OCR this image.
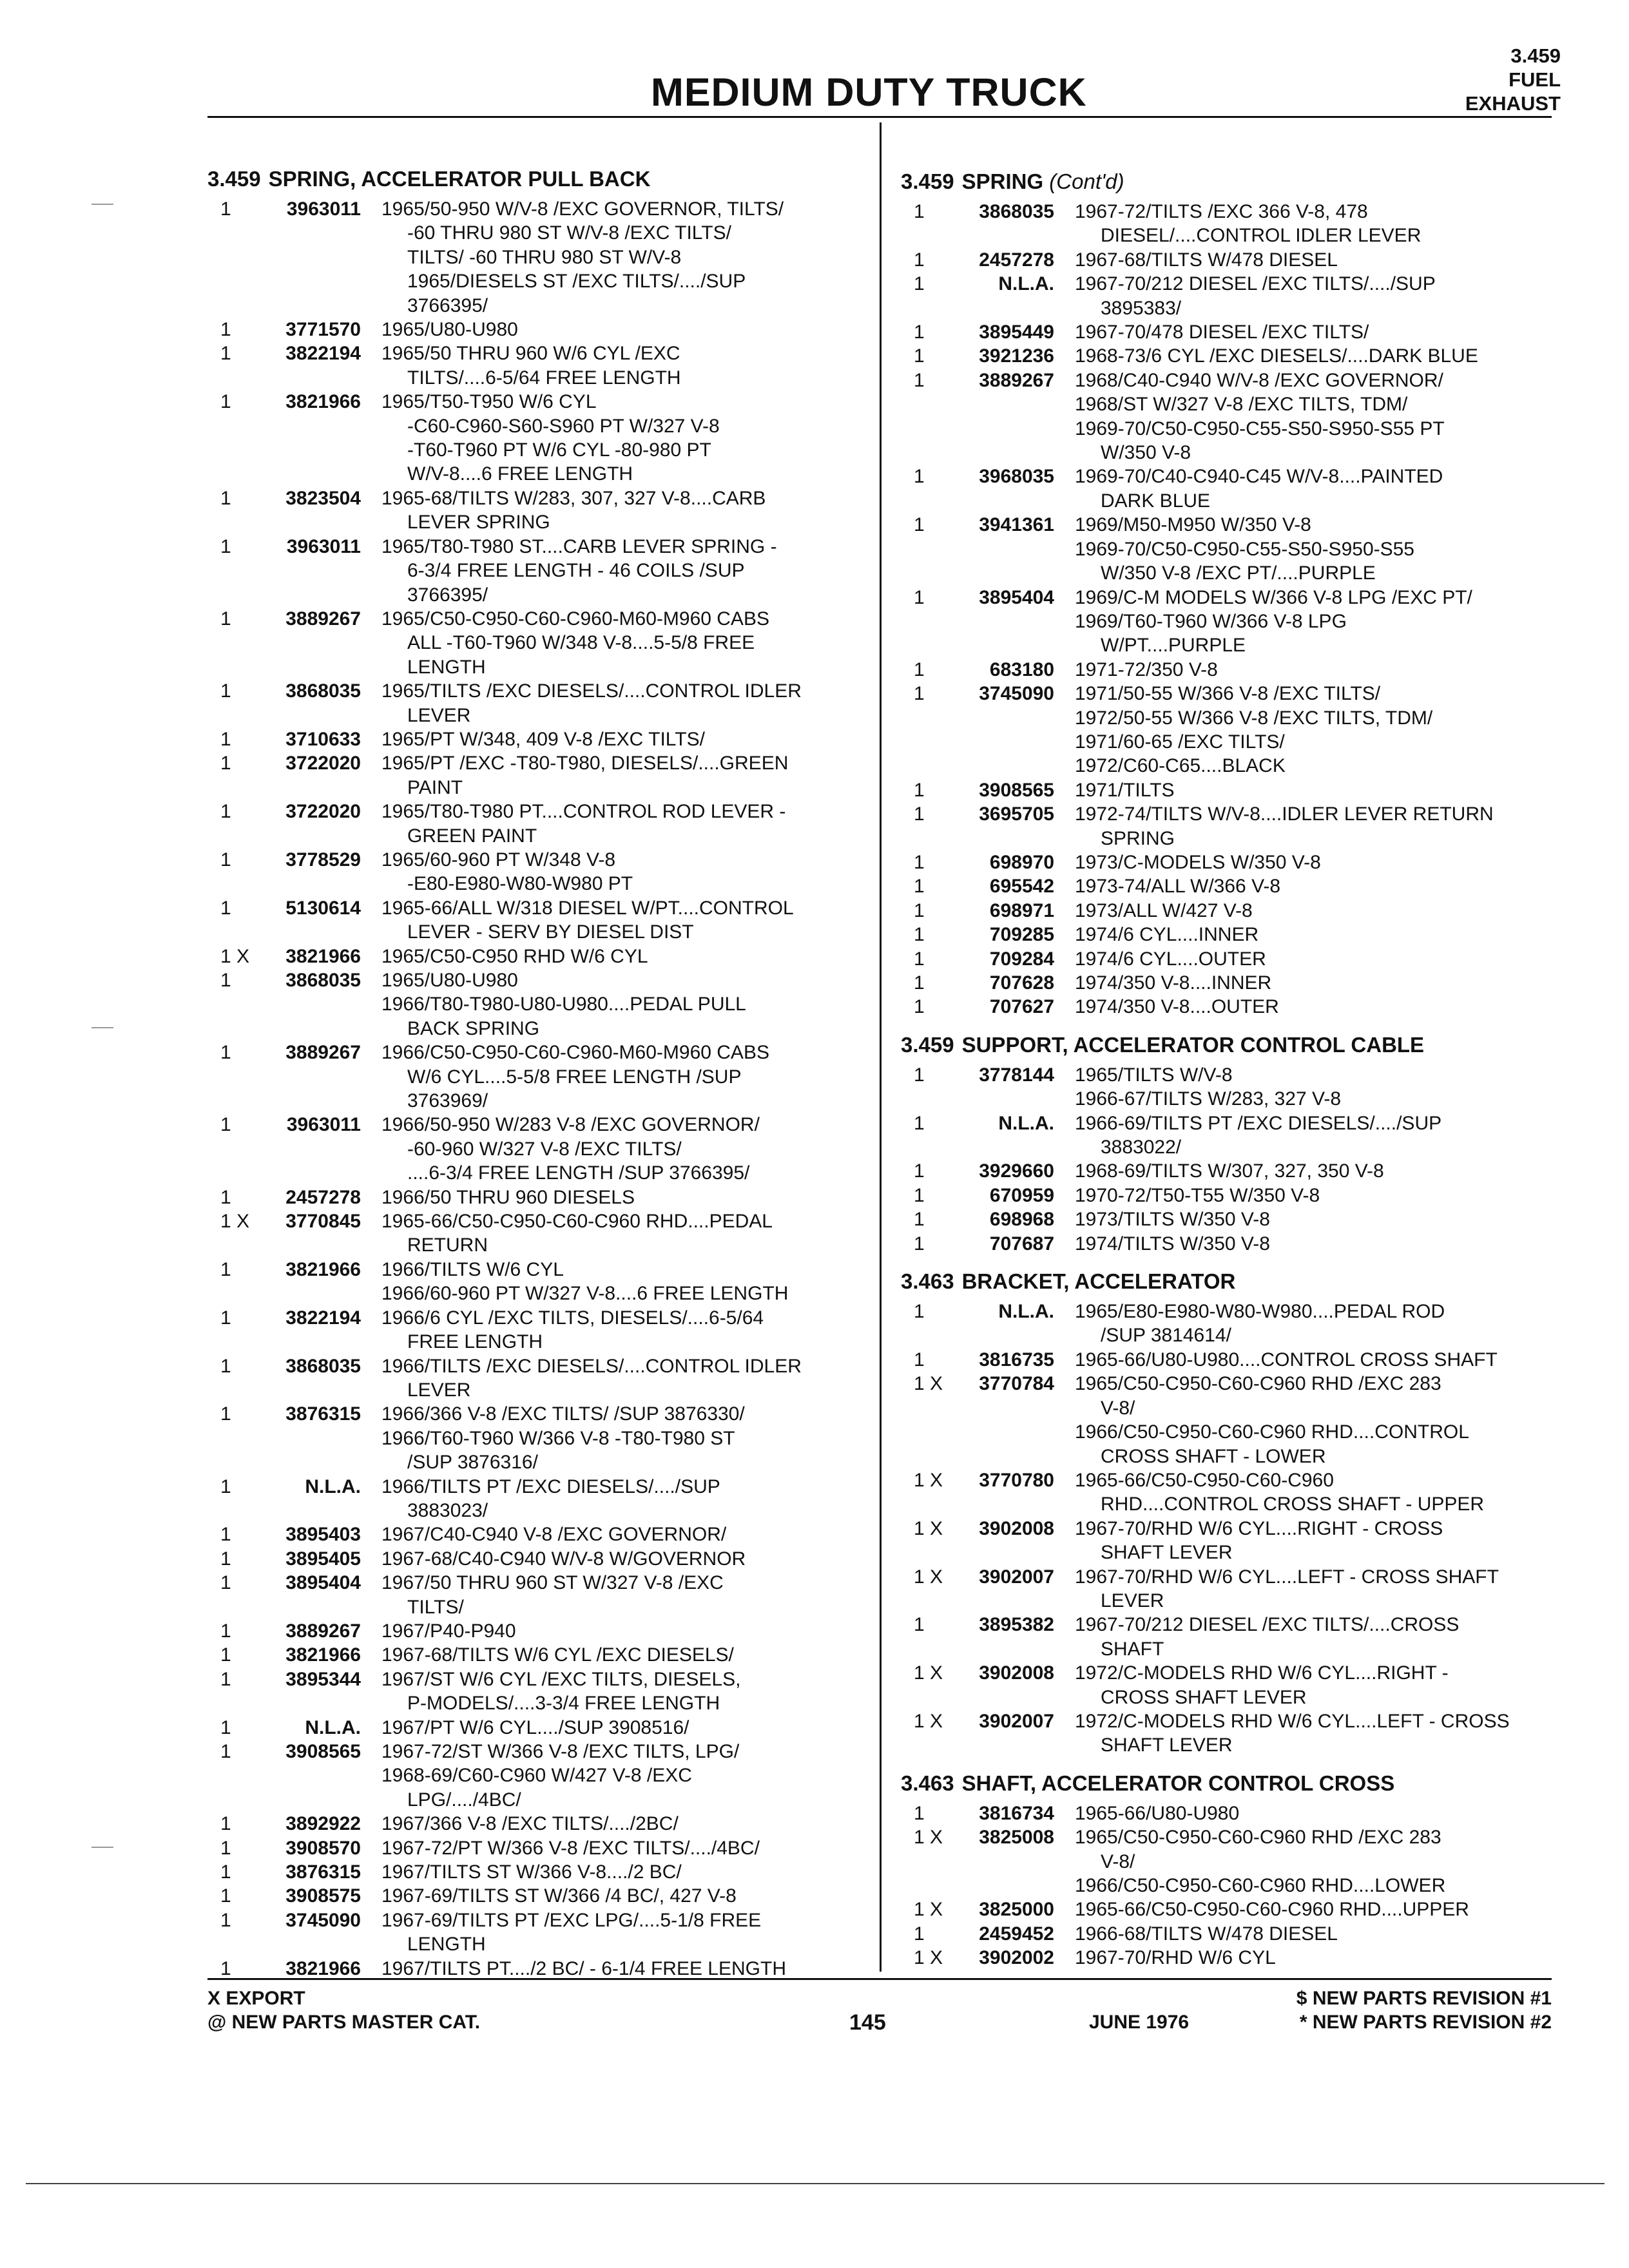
MEDIUM DUTY TRUCK
3.459
FUEL
EXHAUST
3.459 SPRING, ACCELERATOR PULL BACK
1	3963011 1965/50-950 W/V-8 /EXC GOVERNOR, TILTS/
-60 THRU 980 ST W/V-8 /EXC TILTS/
TILTS/ -60 THRU 980 ST W/V-8
1965/DIESELS ST /EXC TILTS/..../SUP
3766395/
1	3771570 1965/U80-U980
1	3822194 1965/50 THRU 960 W/6 CYL /EXC
TILTS/....6-5/64 FREE LENGTH
1	3821966 1965/T50-T950 W/6 CYL
-C60-C960-S60-S960 PT W/327 V-8
-T60-T960 PT W/6 CYL -80-980 PT
W/V-8....6 FREE LENGTH
1	3823504 1965-68/TILTS W/283, 307, 327 V-8....CARB
LEVER SPRING
1	3963011 1965/T80-T980 ST....CARB LEVER SPRING -
6-3/4 FREE LENGTH - 46 COILS /SUP
3766395/
1	3889267 1965/C50-C950-C60-C960-M60-M960 CABS
ALL -T60-T960 W/348 V-8....5-5/8 FREE
LENGTH
1	3868035 1965/TILTS /EXC DIESELS/....CONTROL IDLER
LEVER
1	3710633 1965/PT W/348, 409 V-8 /EXC TILTS/
1	3722020 1965/PT /EXC -T80-T980, DIESELS/....GREEN
PAINT
1	3722020 1965/T80-T980 PT....CONTROL ROD LEVER -
GREEN PAINT
1	3778529 1965/60-960 PT W/348 V-8
-E80-E980-W80-W980 PT
1	5130614 1965-66/ALL W/318 DIESEL W/PT....CONTROL
LEVER - SERV BY DIESEL DIST
1 X	3821966 1965/C50-C950 RHD W/6 CYL
1	3868035 1965/U80-U980
1966/T80-T980-U80-U980....PEDAL PULL
BACK SPRING
1	3889267 1966/C50-C950-C60-C960-M60-M960 CABS
W/6 CYL....5-5/8 FREE LENGTH /SUP
3763969/
1	3963011 1966/50-950 W/283 V-8 /EXC GOVERNOR/
-60-960 W/327 V-8 /EXC TILTS/
....6-3/4 FREE LENGTH /SUP 3766395/
1	2457278 1966/50 THRU 960 DIESELS
1 X	3770845 1965-66/C50-C950-C60-C960 RHD....PEDAL
RETURN
1	3821966 1966/TILTS W/6 CYL
1966/60-960 PT W/327 V-8....6 FREE LENGTH
1	3822194 1966/6 CYL /EXC TILTS, DIESELS/....6-5/64
FREE LENGTH
1	3868035 1966/TILTS /EXC DIESELS/....CONTROL IDLER
LEVER
1	3876315 1966/366 V-8 /EXC TILTS/ /SUP 3876330/
1966/T60-T960 W/366 V-8 -T80-T980 ST
/SUP 3876316/
1	N.L.A. 1966/TILTS PT /EXC DIESELS/..../SUP
3883023/
1	3895403 1967/C40-C940 V-8 /EXC GOVERNOR/
1	3895405 1967-68/C40-C940 W/V-8 W/GOVERNOR
1	3895404 1967/50 THRU 960 ST W/327 V-8 /EXC
TILTS/
1	3889267 1967/P40-P940
1	3821966 1967-68/TILTS W/6 CYL /EXC DIESELS/
1	3895344 1967/ST W/6 CYL /EXC TILTS, DIESELS,
P-MODELS/....3-3/4 FREE LENGTH
1	N.L.A. 1967/PT W/6 CYL..../SUP 3908516/
1	3908565 1967-72/ST W/366 V-8 /EXC TILTS, LPG/
1968-69/C60-C960 W/427 V-8 /EXC
LPG/..../4BC/
1	3892922 1967/366 V-8 /EXC TILTS/..../2BC/
1	3908570 1967-72/PT W/366 V-8 /EXC TILTS/..../4BC/
1	3876315 1967/TILTS ST W/366 V-8..../2 BC/
1	3908575 1967-69/TILTS ST W/366 /4 BC/, 427 V-8
1	3745090 1967-69/TILTS PT /EXC LPG/....5-1/8 FREE
LENGTH
1	3821966 1967/TILTS PT..../2 BC/ - 6-1/4 FREE LENGTH
3.459 SPRING (Cont'd)
1	3868035 1967-72/TILTS /EXC 366 V-8, 478
DIESEL/....CONTROL IDLER LEVER
1	2457278 1967-68/TILTS W/478 DIESEL
1	N.L.A. 1967-70/212 DIESEL /EXC TILTS/..../SUP
3895383/
1	3895449 1967-70/478 DIESEL /EXC TILTS/
1	3921236 1968-73/6 CYL /EXC DIESELS/....DARK BLUE
1	3889267 1968/C40-C940 W/V-8 /EXC GOVERNOR/
1968/ST W/327 V-8 /EXC TILTS, TDM/
1969-70/C50-C950-C55-S50-S950-S55 PT
W/350 V-8
1	3968035 1969-70/C40-C940-C45 W/V-8....PAINTED
DARK BLUE
1	3941361 1969/M50-M950 W/350 V-8
1969-70/C50-C950-C55-S50-S950-S55
W/350 V-8 /EXC PT/....PURPLE
1	3895404 1969/C-M MODELS W/366 V-8 LPG /EXC PT/
1969/T60-T960 W/366 V-8 LPG
W/PT....PURPLE
1	683180 1971-72/350 V-8
1	3745090 1971/50-55 W/366 V-8 /EXC TILTS/
1972/50-55 W/366 V-8 /EXC TILTS, TDM/
1971/60-65 /EXC TILTS/
1972/C60-C65....BLACK
1	3908565 1971/TILTS
1	3695705 1972-74/TILTS W/V-8....IDLER LEVER RETURN
SPRING
1	698970 1973/C-MODELS W/350 V-8
1	695542 1973-74/ALL W/366 V-8
1	698971 1973/ALL W/427 V-8
1	709285 1974/6 CYL....INNER
1	709284 1974/6 CYL....OUTER
1	707628 1974/350 V-8....INNER
1	707627 1974/350 V-8....OUTER
3.459 SUPPORT, ACCELERATOR CONTROL CABLE
1	3778144 1965/TILTS W/V-8
1966-67/TILTS W/283, 327 V-8
1	N.L.A. 1966-69/TILTS PT /EXC DIESELS/..../SUP
3883022/
1	3929660 1968-69/TILTS W/307, 327, 350 V-8
1	670959 1970-72/T50-T55 W/350 V-8
1	698968 1973/TILTS W/350 V-8
1	707687 1974/TILTS W/350 V-8
3.463 BRACKET, ACCELERATOR
1	N.L.A. 1965/E80-E980-W80-W980....PEDAL ROD
/SUP 3814614/
1	3816735 1965-66/U80-U980....CONTROL CROSS SHAFT
1 X	3770784 1965/C50-C950-C60-C960 RHD /EXC 283
V-8/
1966/C50-C950-C60-C960 RHD....CONTROL
CROSS SHAFT - LOWER
1 X	3770780 1965-66/C50-C950-C60-C960
RHD....CONTROL CROSS SHAFT - UPPER
1 X	3902008 1967-70/RHD W/6 CYL....RIGHT - CROSS
SHAFT LEVER
1 X	3902007 1967-70/RHD W/6 CYL....LEFT - CROSS SHAFT
LEVER
1	3895382 1967-70/212 DIESEL /EXC TILTS/....CROSS
SHAFT
1 X	3902008 1972/C-MODELS RHD W/6 CYL....RIGHT -
CROSS SHAFT LEVER
1 X	3902007 1972/C-MODELS RHD W/6 CYL....LEFT - CROSS
SHAFT LEVER
3.463 SHAFT, ACCELERATOR CONTROL CROSS
1	3816734 1965-66/U80-U980
1 X	3825008 1965/C50-C950-C60-C960 RHD /EXC 283
V-8/
1966/C50-C950-C60-C960 RHD....LOWER
1 X	3825000 1965-66/C50-C950-C60-C960 RHD....UPPER
1	2459452 1966-68/TILTS W/478 DIESEL
1 X	3902002 1967-70/RHD W/6 CYL
X EXPORT
@ NEW PARTS MASTER CAT.	145	JUNE 1976
$ NEW PARTS REVISION #1
* NEW PARTS REVISION #2
